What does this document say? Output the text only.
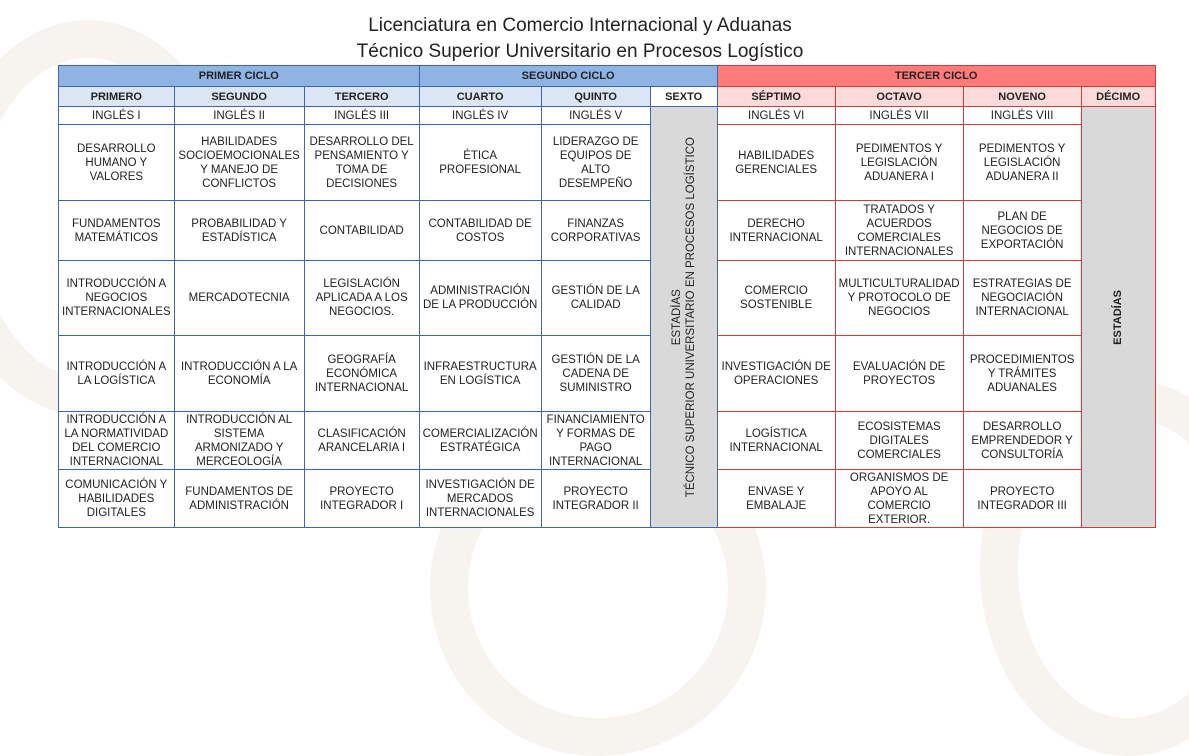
Licenciatura en Comercio Internacional y Aduanas
Técnico Superior Universitario en Procesos Logístico
PRIMER CICLO			SEGUNDO CICLO			TERCER CICLO			
PRIMERO	SEGUNDO	TERCERO	CUARTO	QUINTO	SEXTO	SÉPTIMO	OCTAVO	NOVENO	DÉCIMO
INGLÉS I	INGLÉS II	INGLÉS III	INGLÉS IV	INGLÉS V	ESTADÍAS TÉCNICO SUPERIOR UNIVERSITARIO EN PROCESOS LOGÍSTICO	INGLÉS VI	INGLÉS VII	INGLÉS VIII	ESTADÍAS

DESARROLLO HUMANO Y VALORES	HABILIDADES SOCIOEMOCIONALES Y MANEJO DE CONFLICTOS	DESARROLLO DEL PENSAMIENTO Y TOMA DE DECISIONES	ÉTICA PROFESIONAL	LIDERAZGO DE EQUIPOS DE ALTO DESEMPEÑO		HABILIDADES GERENCIALES	PEDIMENTOS Y LEGISLACIÓN ADUANERA I	PEDIMENTOS Y LEGISLACIÓN ADUANERA II	
FUNDAMENTOS MATEMÁTICOS	PROBABILIDAD Y ESTADÍSTICA	CONTABILIDAD	CONTABILIDAD DE COSTOS	FINANZAS CORPORATIVAS		DERECHO INTERNACIONAL	TRATADOS Y ACUERDOS COMERCIALES INTERNACIONALES	PLAN DE NEGOCIOS DE EXPORTACIÓN	
INTRODUCCIÓN A NEGOCIOS INTERNACIONALES	MERCADOTECNIA	LEGISLACIÓN APLICADA A LOS NEGOCIOS.	ADMINISTRACIÓN DE LA PRODUCCIÓN	GESTIÓN DE LA CALIDAD		COMERCIO SOSTENIBLE	MULTICULTURALIDAD Y PROTOCOLO DE NEGOCIOS	ESTRATEGIAS DE NEGOCIACIÓN INTERNACIONAL	
INTRODUCCIÓN A LA LOGÍSTICA	INTRODUCCIÓN A LA ECONOMÍA	GEOGRAFÍA ECONÓMICA INTERNACIONAL	INFRAESTRUCTURA EN LOGÍSTICA	GESTIÓN DE LA CADENA DE SUMINISTRO		INVESTIGACIÓN DE OPERACIONES	EVALUACIÓN DE PROYECTOS	PROCEDIMIENTOS Y TRÁMITES ADUANALES	
INTRODUCCIÓN A LA NORMATIVIDAD DEL COMERCIO INTERNACIONAL	INTRODUCCIÓN AL SISTEMA ARMONIZADO Y MERCEOLOGÍA	CLASIFICACIÓN ARANCELARIA I	COMERCIALIZACIÓN ESTRATÉGICA	FINANCIAMIENTO Y FORMAS DE PAGO INTERNACIONAL		LOGÍSTICA INTERNACIONAL	ECOSISTEMAS DIGITALES COMERCIALES	DESARROLLO EMPRENDEDOR Y CONSULTORÍA	
COMUNICACIÓN Y HABILIDADES DIGITALES	FUNDAMENTOS DE ADMINISTRACIÓN	PROYECTO INTEGRADOR I	INVESTIGACIÓN DE MERCADOS INTERNACIONALES	PROYECTO INTEGRADOR II		ENVASE Y EMBALAJE	ORGANISMOS DE APOYO AL COMERCIO EXTERIOR.	PROYECTO INTEGRADOR III	
